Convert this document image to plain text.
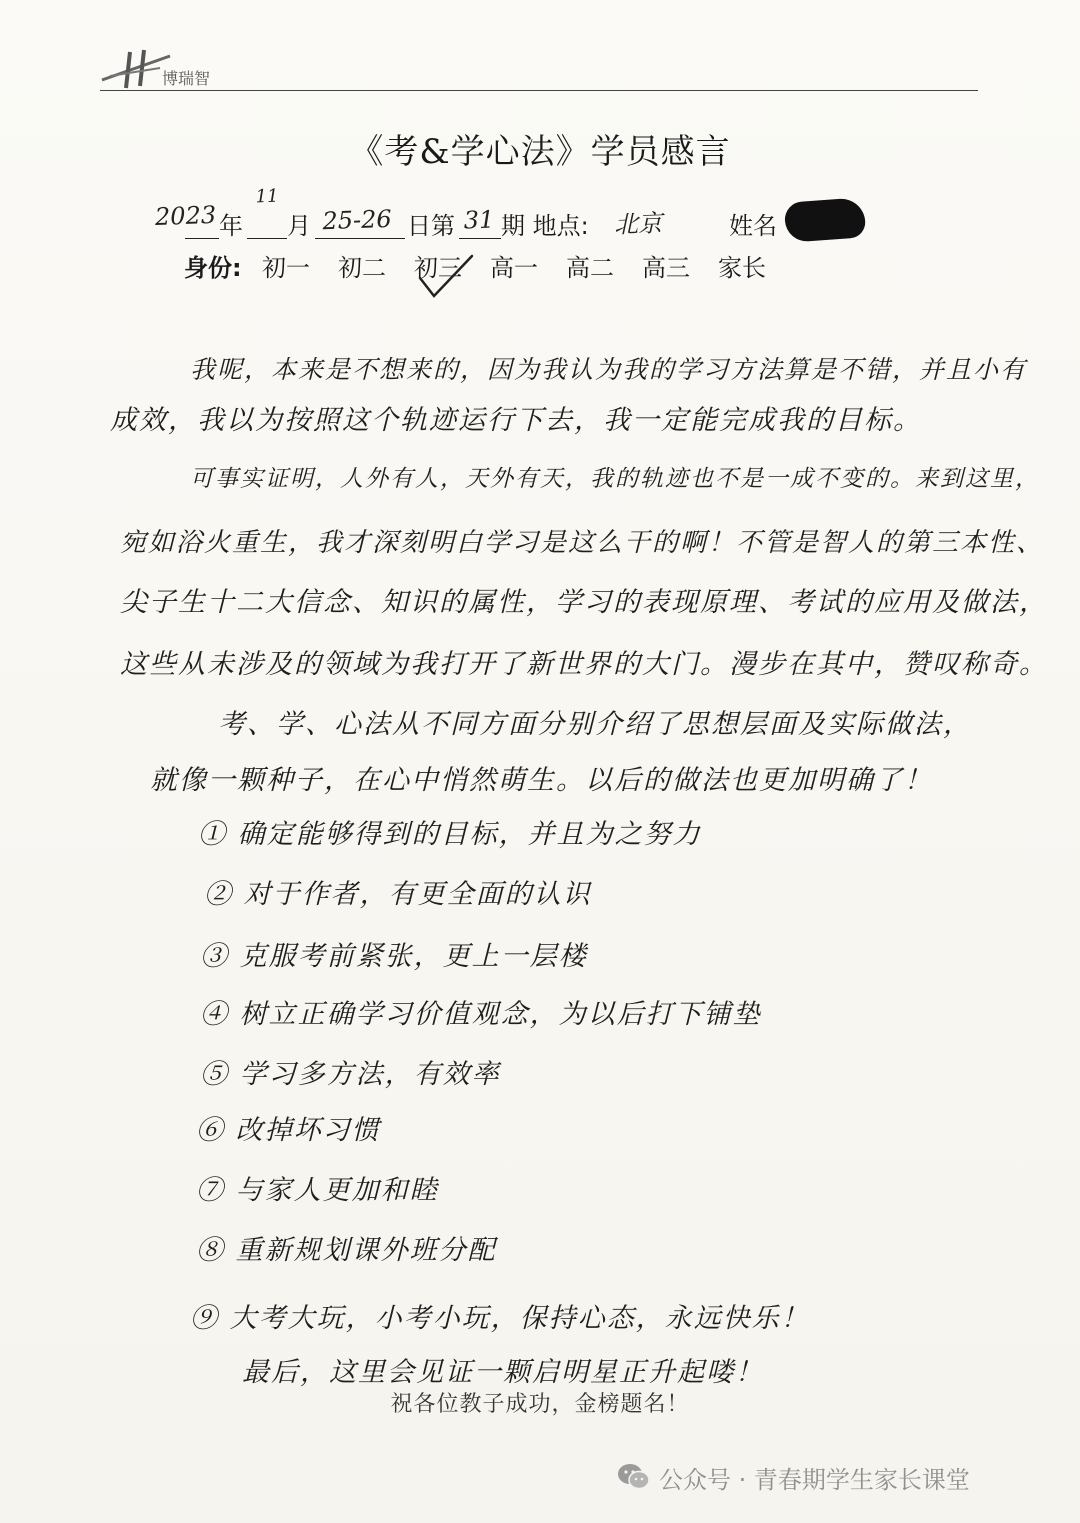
博瑞智
《考&学心法》学员感言
2023 年
11
月 25-26 日第 31 期 地点: 北京	姓名
身份: 初一 初二 初三 高一 高二 高三 家长
我呢，本来是不想来的，因为我认为我的学习方法算是不错，并且小有
成效，我以为按照这个轨迹运行下去，我一定能完成我的目标。
可事实证明，人外有人，天外有天，我的轨迹也不是一成不变的。来到这里，
宛如浴火重生，我才深刻明白学习是这么干的啊！不管是智人的第三本性、
尖子生十二大信念、知识的属性，学习的表现原理、考试的应用及做法，
这些从未涉及的领域为我打开了新世界的大门。漫步在其中，赞叹称奇。
考、学、心法从不同方面分别介绍了思想层面及实际做法，
就像一颗种子，在心中悄然萌生。以后的做法也更加明确了！
① 确定能够得到的目标，并且为之努力
② 对于作者，有更全面的认识
③ 克服考前紧张，更上一层楼
④ 树立正确学习价值观念，为以后打下铺垫
⑤ 学习多方法，有效率
⑥ 改掉坏习惯
⑦ 与家人更加和睦
⑧ 重新规划课外班分配
⑨ 大考大玩，小考小玩，保持心态，永远快乐！
最后，这里会见证一颗启明星正升起喽！
祝各位教子成功，金榜题名！
公众号 · 青春期学生家长课堂
